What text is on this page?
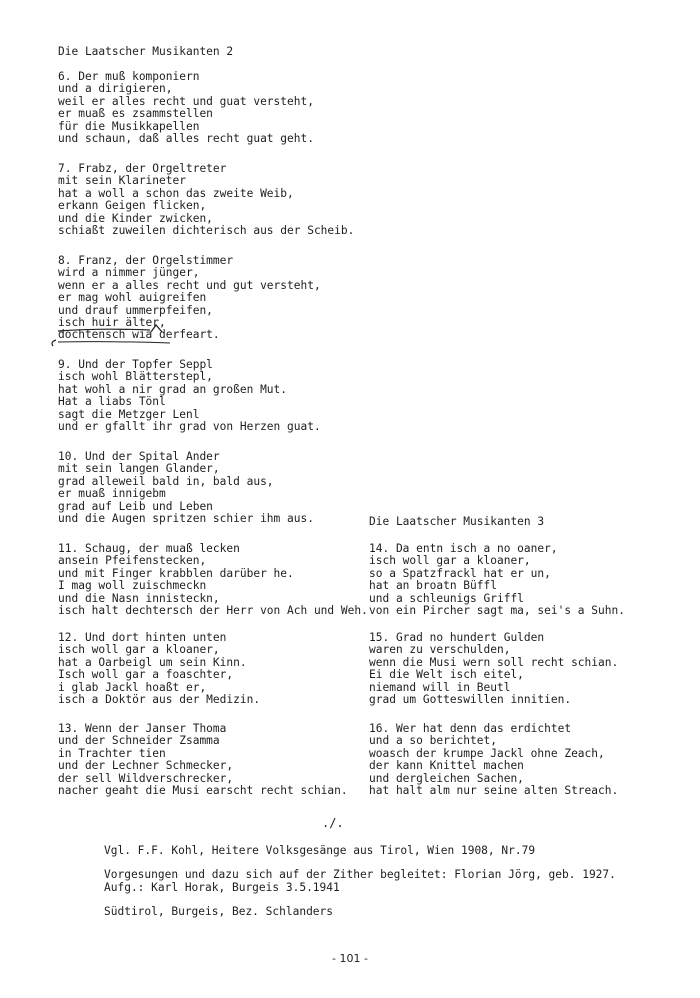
Die Laatscher Musikanten 2
6. Der muß komponiern
und a dirigieren,
weil er alles recht und guat versteht,
er muaß es zsammstellen
für die Musikkapellen
und schaun, daß alles recht guat geht.
7. Frabz, der Orgeltreter
mit sein Klarineter
hat a woll a schon das zweite Weib,
erkann Geigen flicken,
und die Kinder zwicken,
schiaßt zuweilen dichterisch aus der Scheib.
8. Franz, der Orgelstimmer
wird a nimmer jünger,
wenn er a alles recht und gut versteht,
er mag wohl auigreifen
und drauf ummerpfeifen,
isch huir älter,
dochtensch wia derfeart.
9. Und der Topfer Seppl
isch wohl Blätterstepl,
hat wohl a nir grad an großen Mut.
Hat a liabs Tönl
sagt die Metzger Lenl
und er gfallt ihr grad von Herzen guat.
10. Und der Spital Ander
mit sein langen Glander,
grad alleweil bald in, bald aus,
er muaß innigebm
grad auf Leib und Leben
und die Augen spritzen schier ihm aus.
11. Schaug, der muaß lecken
ansein Pfeifenstecken,
und mit Finger krabblen darüber he.
I mag woll zuischmeckn
und die Nasn innisteckn,
isch halt dechtersch der Herr von Ach und Weh.
12. Und dort hinten unten
isch woll gar a kloaner,
hat a Oarbeigl um sein Kinn.
Isch woll gar a foaschter,
i glab Jackl hoaßt er,
isch a Doktör aus der Medizin.
13. Wenn der Janser Thoma
und der Schneider Zsamma
in Trachter tien
und der Lechner Schmecker,
der sell Wildverschrecker,
nacher geaht die Musi earscht recht schian.
Die Laatscher Musikanten 3
14. Da entn isch a no oaner,
isch woll gar a kloaner,
so a Spatzfrackl hat er un,
hat an broatn Büffl
und a schleunigs Griffl
von ein Pircher sagt ma, sei's a Suhn.
15. Grad no hundert Gulden
waren zu verschulden,
wenn die Musi wern soll recht schian.
Ei die Welt isch eitel,
niemand will in Beutl
grad um Gotteswillen innitien.
16. Wer hat denn das erdichtet
und a so berichtet,
woasch der krumpe Jackl ohne Zeach,
der kann Knittel machen
und dergleichen Sachen,
hat halt alm nur seine alten Streach.
./.
Vgl. F.F. Kohl, Heitere Volksgesänge aus Tirol, Wien 1908, Nr.79
Vorgesungen und dazu sich auf der Zither begleitet: Florian Jörg, geb. 1927.
Aufg.: Karl Horak, Burgeis 3.5.1941
Südtirol, Burgeis, Bez. Schlanders
- 101 -
